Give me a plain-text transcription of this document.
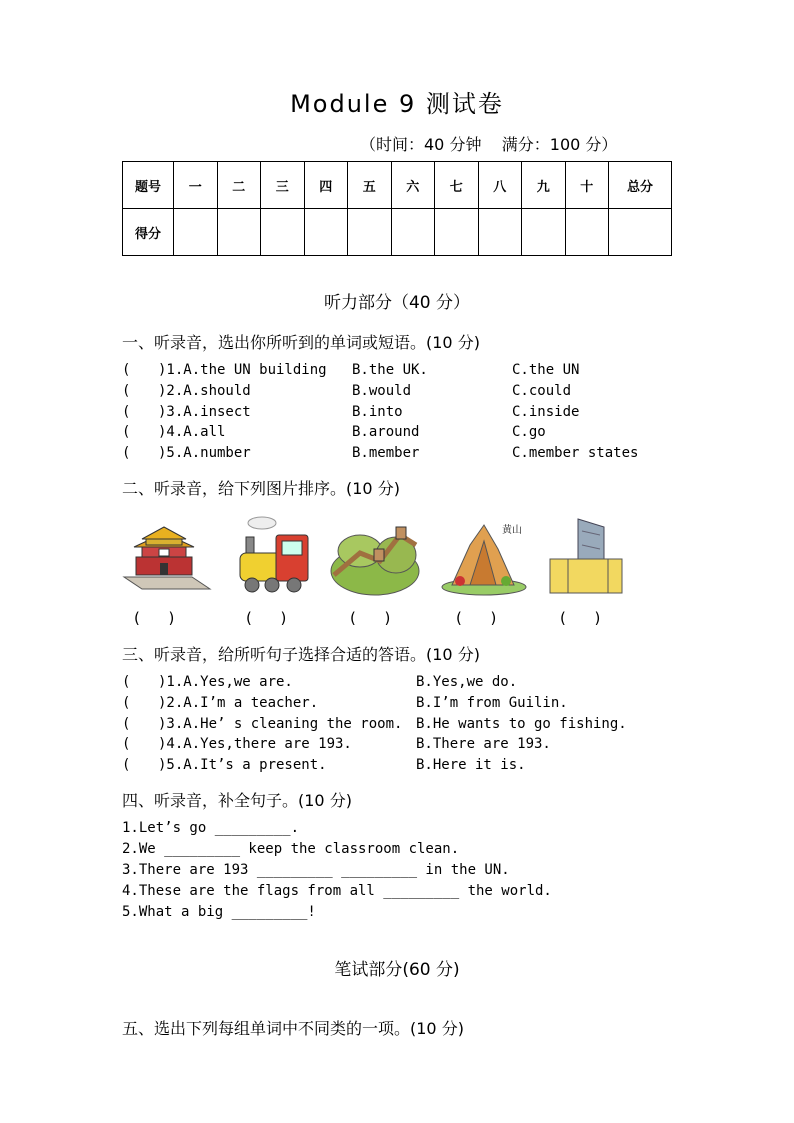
Module 9 测试卷
（时间：40 分钟    满分：100 分）
题号	一	二	三	四	五	六	七	八	九	十	总分
得分											
听力部分（40 分）
一、听录音，选出你所听到的单词或短语。(10 分)
( )1.A.the UN building B.the UK.	C.the UN
( )2.A.should	B.would	C.could
( )3.A.insect	B.into	C.inside
( )4.A.all	B.around	C.go
( )5.A.number	B.member	C.member states
二、听录音，给下列图片排序。(10 分)
黄山
(      )	(      )	(      )	(      )	(      )
三、听录音，给所听句子选择合适的答语。(10 分)
( )1.A.Yes,we are.	B.Yes,we do.
( )2.A.I’m a teacher.	B.I’m from Guilin.
( )3.A.He’ s cleaning the room. B.He wants to go fishing.
( )4.A.Yes,there are 193.	B.There are 193.
( )5.A.It’s a present.	B.Here it is.
四、听录音，补全句子。(10 分)
1.Let’s go _________.
2.We _________ keep the classroom clean.
3.There are 193 _________ _________ in the UN.
4.These are the flags from all _________ the world.
5.What a big _________!
笔试部分(60 分)
五、选出下列每组单词中不同类的一项。(10 分)
